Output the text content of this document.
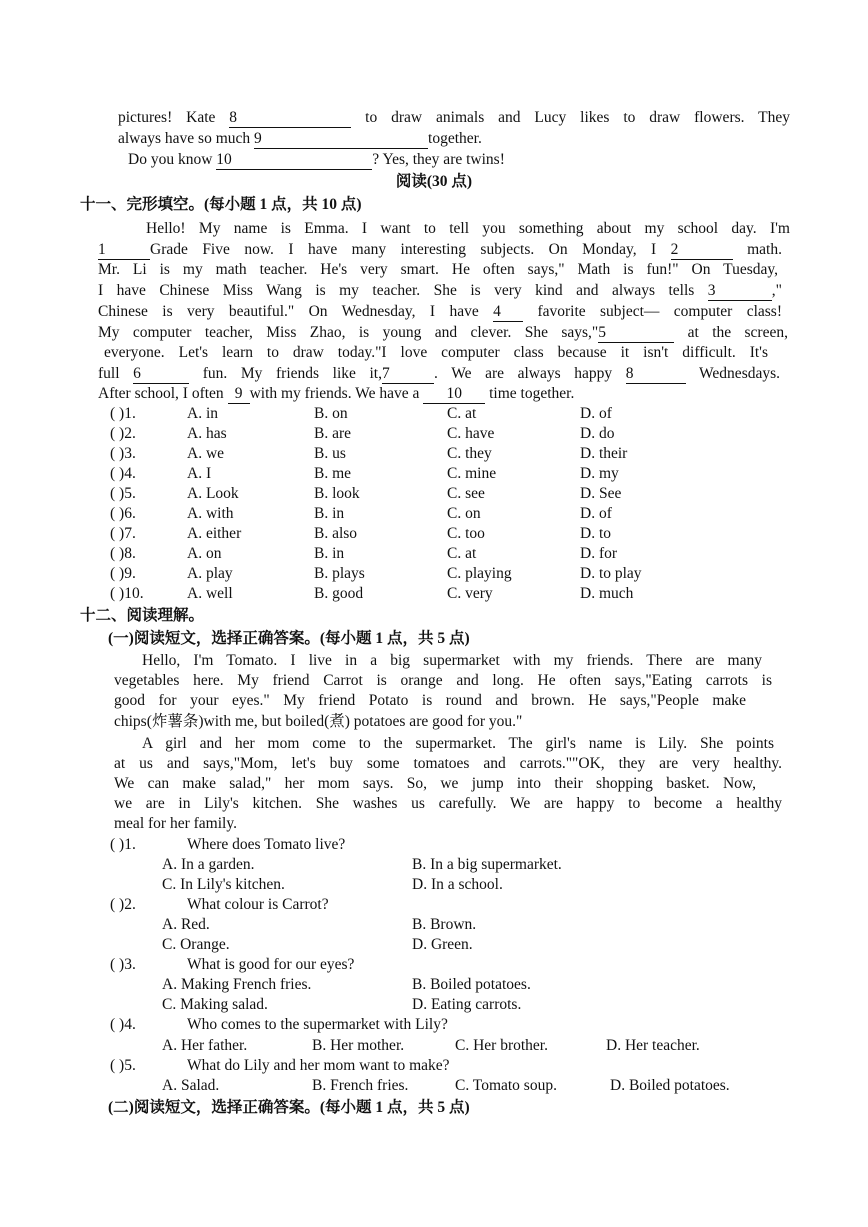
pictures! Kate 8	to draw animals and Lucy likes to draw flowers. They
always have so much 9	together.
Do you know 10	? Yes, they are twins!
阅读(30 点)
十一、完形填空。(每小题 1 点，共 10 点)
Hello! My name is Emma. I want to tell you something about my school day. I'm
1	Grade Five now. I have many interesting subjects. On Monday, I 2	math.
Mr. Li is my math teacher. He's very smart. He often says," Math is fun!" On Tuesday,
I have Chinese Miss Wang is my teacher. She is very kind and always tells 3	,"
Chinese is very beautiful." On Wednesday, I have 4 favorite subject— computer class!
My computer teacher, Miss Zhao, is young and clever. She says,"5	at the screen,
everyone. Let's learn to draw today."I love computer class because it isn't difficult. It's
full 6	fun. My friends like it,7	. We are always happy 8	Wednesdays.
After school, I often 9 with my friends. We have a 10 time together.
( )1.	A. in	B. on	C. at	D. of
( )2.	A. has	B. are	C. have	D. do
( )3.	A. we	B. us	C. they	D. their
( )4.	A. I	B. me	C. mine	D. my
( )5.	A. Look	B. look	C. see	D. See
( )6.	A. with	B. in	C. on	D. of
( )7.	A. either	B. also	C. too	D. to
( )8.	A. on	B. in	C. at	D. for
( )9.	A. play	B. plays	C. playing	D. to play
( )10.	A. well	B. good	C. very	D. much
十二、阅读理解。
(一)阅读短文，选择正确答案。(每小题 1 点，共 5 点)
Hello, I'm Tomato. I live in a big supermarket with my friends. There are many
vegetables here. My friend Carrot is orange and long. He often says,"Eating carrots is
good for your eyes." My friend Potato is round and brown. He says,"People make
chips(炸薯条)with me, but boiled(煮) potatoes are good for you."
A girl and her mom come to the supermarket. The girl's name is Lily. She points
at us and says,"Mom, let's buy some tomatoes and carrots.""OK, they are very healthy.
We can make salad," her mom says. So, we jump into their shopping basket. Now,
we are in Lily's kitchen. She washes us carefully. We are happy to become a healthy
meal for her family.
( )1.	Where does Tomato live?
A. In a garden.	B. In a big supermarket.
C. In Lily's kitchen.	D. In a school.
( )2.	What colour is Carrot?
A. Red.	B. Brown.
C. Orange.	D. Green.
( )3.	What is good for our eyes?
A. Making French fries.	B. Boiled potatoes.
C. Making salad.	D. Eating carrots.
( )4.	Who comes to the supermarket with Lily?
A. Her father.	B. Her mother.	C. Her brother.	D. Her teacher.
( )5.	What do Lily and her mom want to make?
A. Salad.	B. French fries.	C. Tomato soup.	D. Boiled potatoes.
(二)阅读短文，选择正确答案。(每小题 1 点，共 5 点)
